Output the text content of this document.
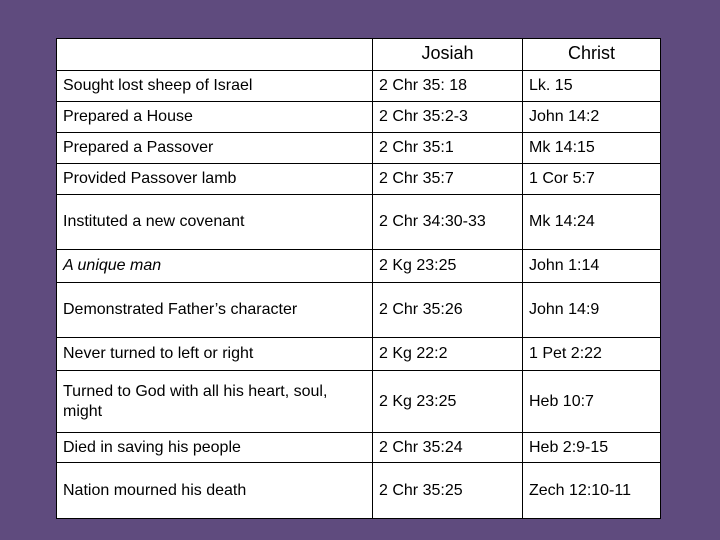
	Josiah	Christ
Sought lost sheep of Israel	2 Chr 35: 18	Lk. 15
Prepared a House	2 Chr 35:2-3	John 14:2
Prepared a Passover	2 Chr 35:1	Mk 14:15
Provided Passover lamb	2 Chr 35:7	1 Cor 5:7
Instituted a new covenant	2 Chr 34:30-33	Mk 14:24
A unique man	2 Kg 23:25	John 1:14
Demonstrated Father’s character	2 Chr 35:26	John 14:9
Never turned to left or right	2 Kg 22:2	1 Pet 2:22
Turned to God with all his heart, soul, might	2 Kg 23:25	Heb 10:7
Died in saving his people	2 Chr 35:24	Heb 2:9-15
Nation mourned his death	2 Chr 35:25	Zech 12:10-11
